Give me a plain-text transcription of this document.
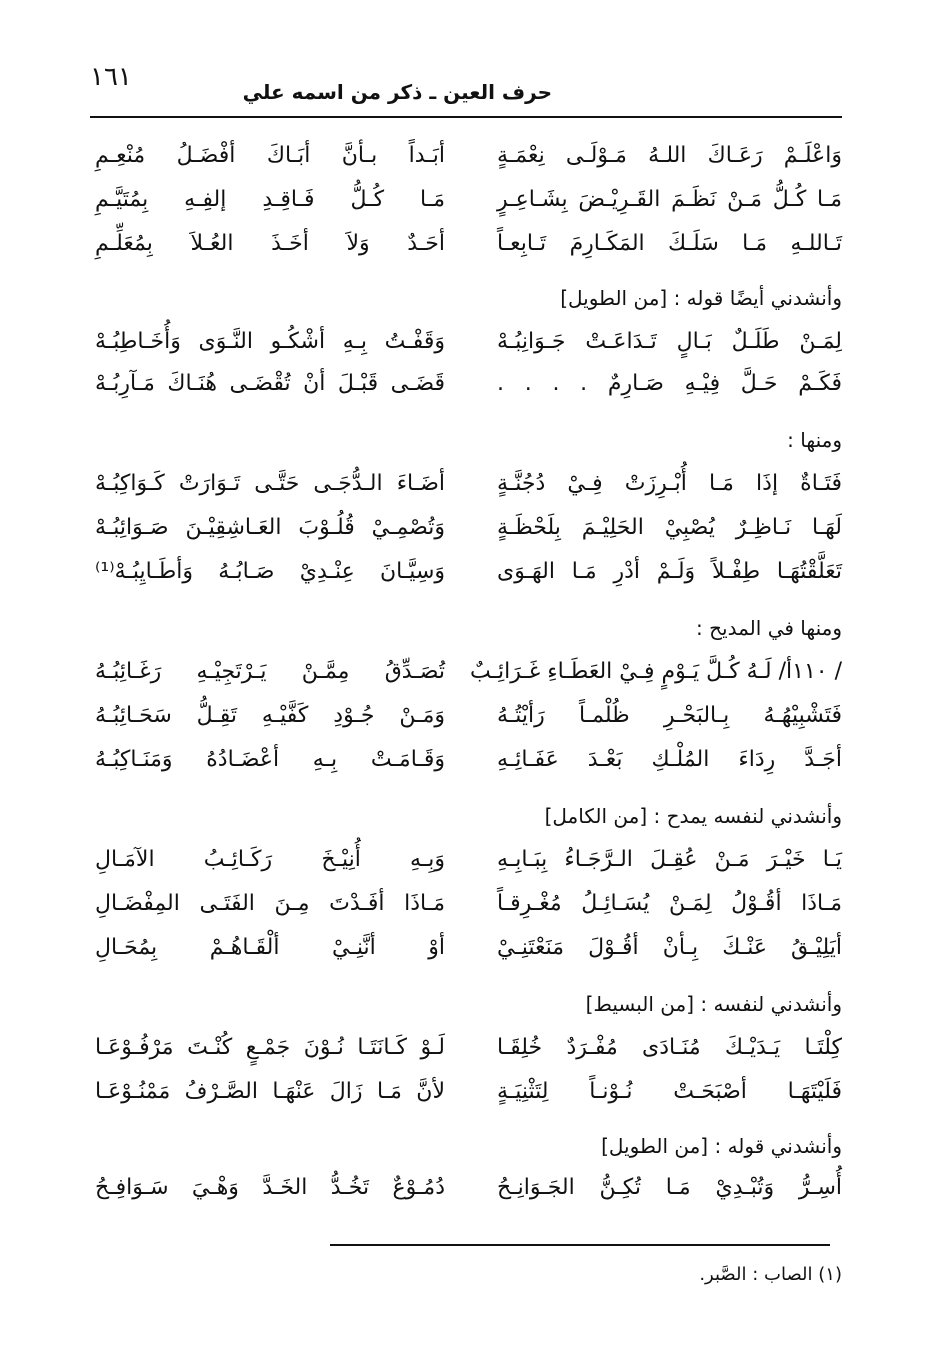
١٦١	حرف العين ـ ذكر من اسمه علي
وَاعْلَـمْ رَعَـاكَ اللـهُ مَـوْلَـى نِعْمَـةٍ
أبَـداً بـأنَّ أبَـاكَ أفْضَـلُ مُنْعِـمِ
مَـا كُـلُّ مَـنْ نَظَـمَ القَـرِيْـضَ بِشَـاعِـرٍ
مَـا كُـلُّ فَـاقِـدِ إلفِـهِ بِمُتَيَّـمِ
تَـاللـهِ مَـا سَلَـكَ المَكَـارِمَ تَـابِعـاً
أحَـدٌ وَلاَ أخَـذَ العُـلاَ بِمُعَلِّـمِ
وأنشدني أيضًا قوله : [من الطويل]
لِمَـنْ طَلَـلٌ بَـالٍ تَـدَاعَـتْ جَـوَانِبُـهْ
وَقَفْـتُ بِـهِ أشْكُـو النَّـوَى وَأُخَـاطِبُـهْ
فَكَـمْ حَـلَّ فِيْـهِ صَـارِمٌ . . . .
قَضَـى قَبْـلَ أنْ تُقْضَـى هُنَـاكَ مَـآرِبُـهْ
ومنها :
فَتَـاةٌ إذَا مَـا أُبْـرِزَتْ فِـيْ دُجُنَّـةٍ
أضَـاءَ الـدُّجَـى حَتَّـى تَـوَارَتْ كَـوَاكِبُـهْ
لَهَـا نَـاظِـرٌ يُصْبِيْ الحَلِيْـمَ بِلَحْظَـةٍ
وَتُصْمِـيْ قُلُـوْبَ العَـاشِقِيْـنَ صَـوَائِبُـهْ
تَعَلَّقْتُهَـا طِفْـلاً وَلَـمْ أدْرِ مَـا الهَـوَى
وَسِيَّـانَ عِنْـدِيْ صَـابُـهُ وَأطَـايِبُـهْ⁽¹⁾
ومنها في المديح :
/ ١١٠أ/ لَـهُ كُـلَّ يَـوْمٍ فِـيْ العَطَـاءِ غَـرَائِـبٌ
تُصَـدِّقُ مِمَّـنْ يَـرْتَجِيْـهِ رَغَـائِبُـهُ
فَتَشْبِيْهُـهُ بِـالبَحْـرِ ظُلْمـاً رَأيْتُـهُ
وَمَـنْ جُـوْدِ كَفَّيْـهِ تَقِـلُّ سَحَـائِبُـهُ
أجَـدَّ رِدَاءَ المُلْـكِ بَعْـدَ عَفَـائِـهِ
وَقَـامَـتْ بِـهِ أعْضَـادُهُ وَمَنَـاكِبُـهُ
وأنشدني لنفسه يمدح : [من الكامل]
يَـا خَيْـرَ مَـنْ عُقِـلَ الـرَّجَـاءُ بِبَـابِـهِ
وَبِـهِ أُنِيْـخَ رَكَـائِـبُ الآمَـالِ
مَـاذَا أقُـوْلُ لِمَـنْ يُسَـائِـلُ مُغْـرِقـاً
مَـاذَا أفَـدْتَ مِـنَ الفَتَـى المِفْضَـالِ
أيَلِيْـقُ عَنْـكَ بِـأنْ أقُـوْلَ مَنَعْتَنِـيْ
أوْ أنَّنِـيْ ألْقَـاهُـمْ بِمُحَـالِ
وأنشدني لنفسه : [من البسيط]
كِلْتَـا يَـدَيْـكَ مُنَـادَى مُفْـرَدٌ خُلِقَـا
لَـوْ كَـانَتَـا نُـوْنَ جَمْـعٍ كُنْـتَ مَرْفُـوْعَـا
فَلَيْتَهَـا أصْبَحَـتْ نُـوْنـاً لِتَثْنِيَـةٍ
لأنَّ مَـا زَالَ عَنْهَـا الصَّـرْفُ مَمْنُـوْعَـا
وأنشدني قوله : [من الطويل]
أُسِـرُّ وَتُبْـدِيْ مَـا تُكِـنُّ الجَـوَانِـحُ
دُمُـوْعٌ تَخُـدُّ الخَـدَّ وَهْـيَ سَـوَافِـحُ
(١) الصاب : الصَّبر.
